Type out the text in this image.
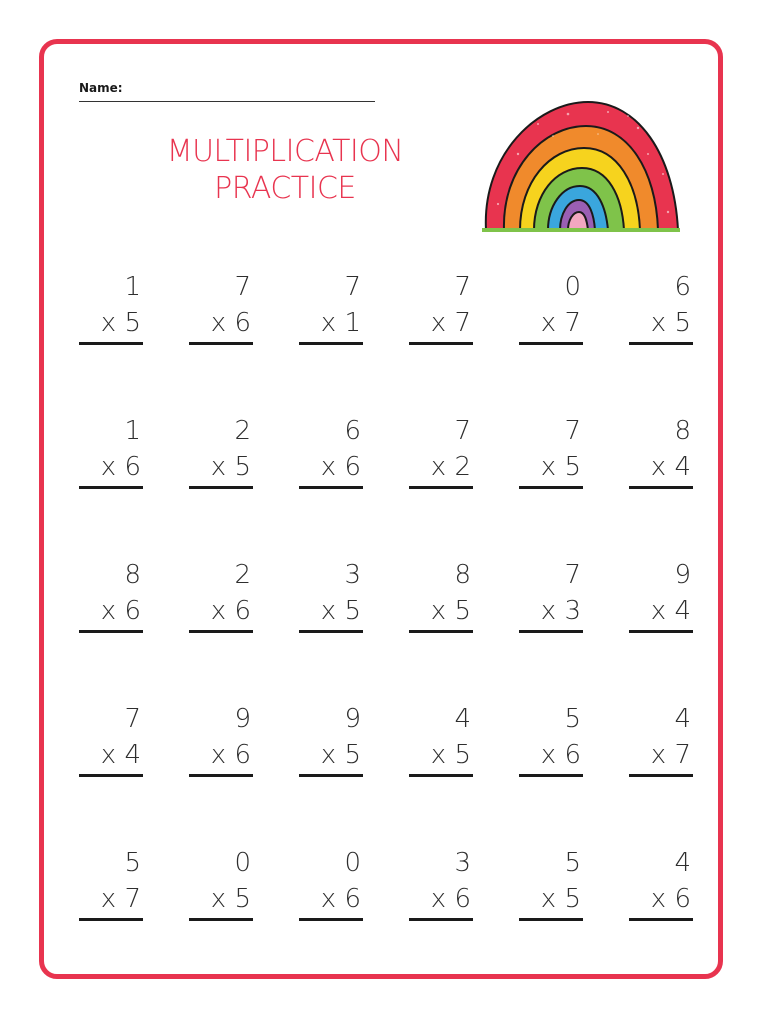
Name:
MULTIPLICATION
PRACTICE
1
x 5
7
x 6
7
x 1
7
x 7
0
x 7
6
x 5
1
x 6
2
x 5
6
x 6
7
x 2
7
x 5
8
x 4
8
x 6
2
x 6
3
x 5
8
x 5
7
x 3
9
x 4
7
x 4
9
x 6
9
x 5
4
x 5
5
x 6
4
x 7
5
x 7
0
x 5
0
x 6
3
x 6
5
x 5
4
x 6
